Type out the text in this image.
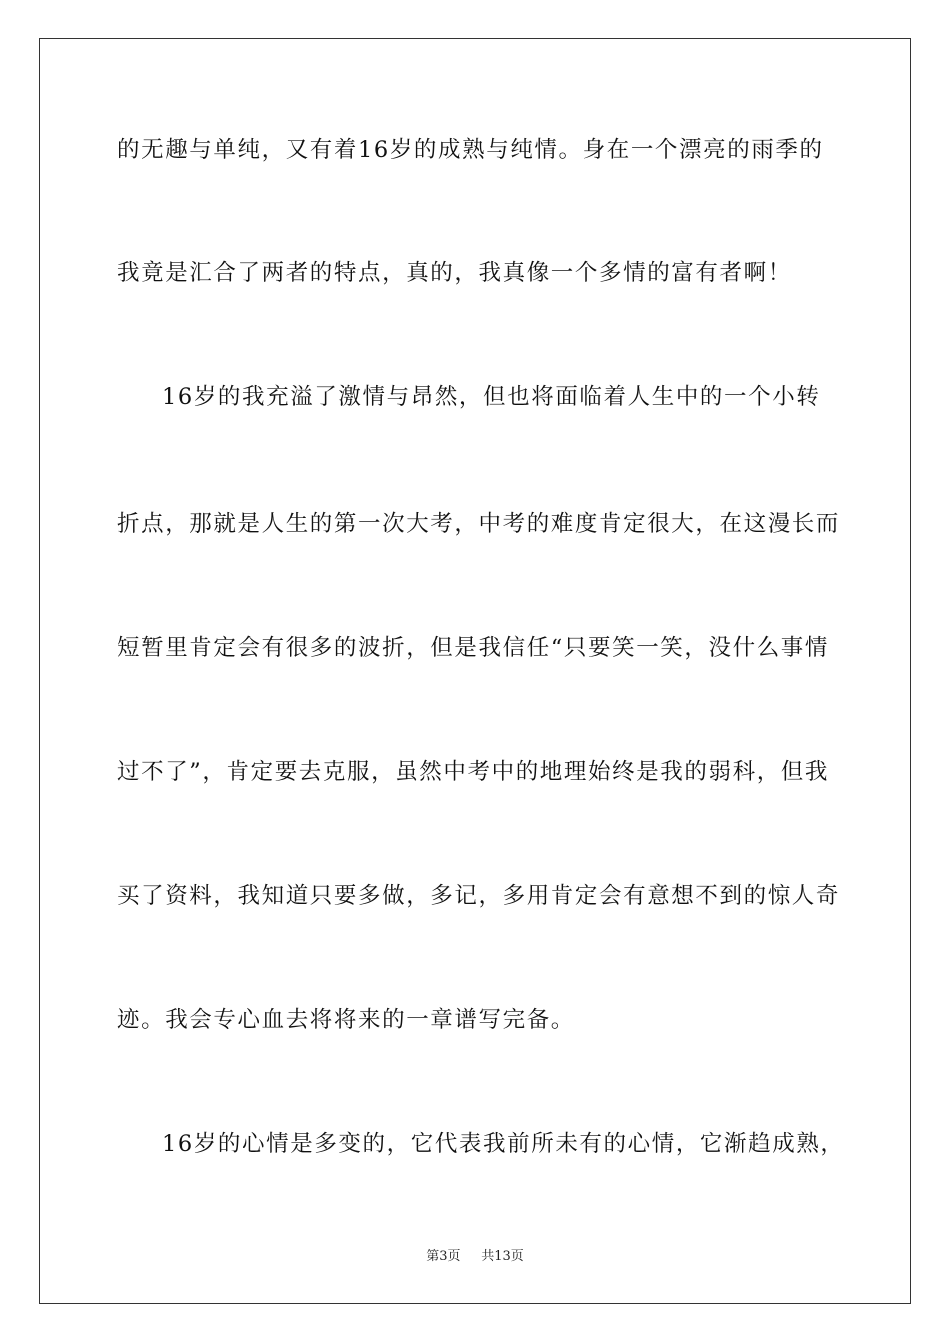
的无趣与单纯，又有着16岁的成熟与纯情。身在一个漂亮的雨季的
我竟是汇合了两者的特点，真的，我真像一个多情的富有者啊！
16岁的我充溢了激情与昂然，但也将面临着人生中的一个小转
折点，那就是人生的第一次大考，中考的难度肯定很大，在这漫长而
短暂里肯定会有很多的波折，但是我信任“只要笑一笑，没什么事情
过不了”，肯定要去克服，虽然中考中的地理始终是我的弱科，但我
买了资料，我知道只要多做，多记，多用肯定会有意想不到的惊人奇
迹。我会专心血去将将来的一章谱写完备。
16岁的心情是多变的，它代表我前所未有的心情，它渐趋成熟，
第3页 共13页
